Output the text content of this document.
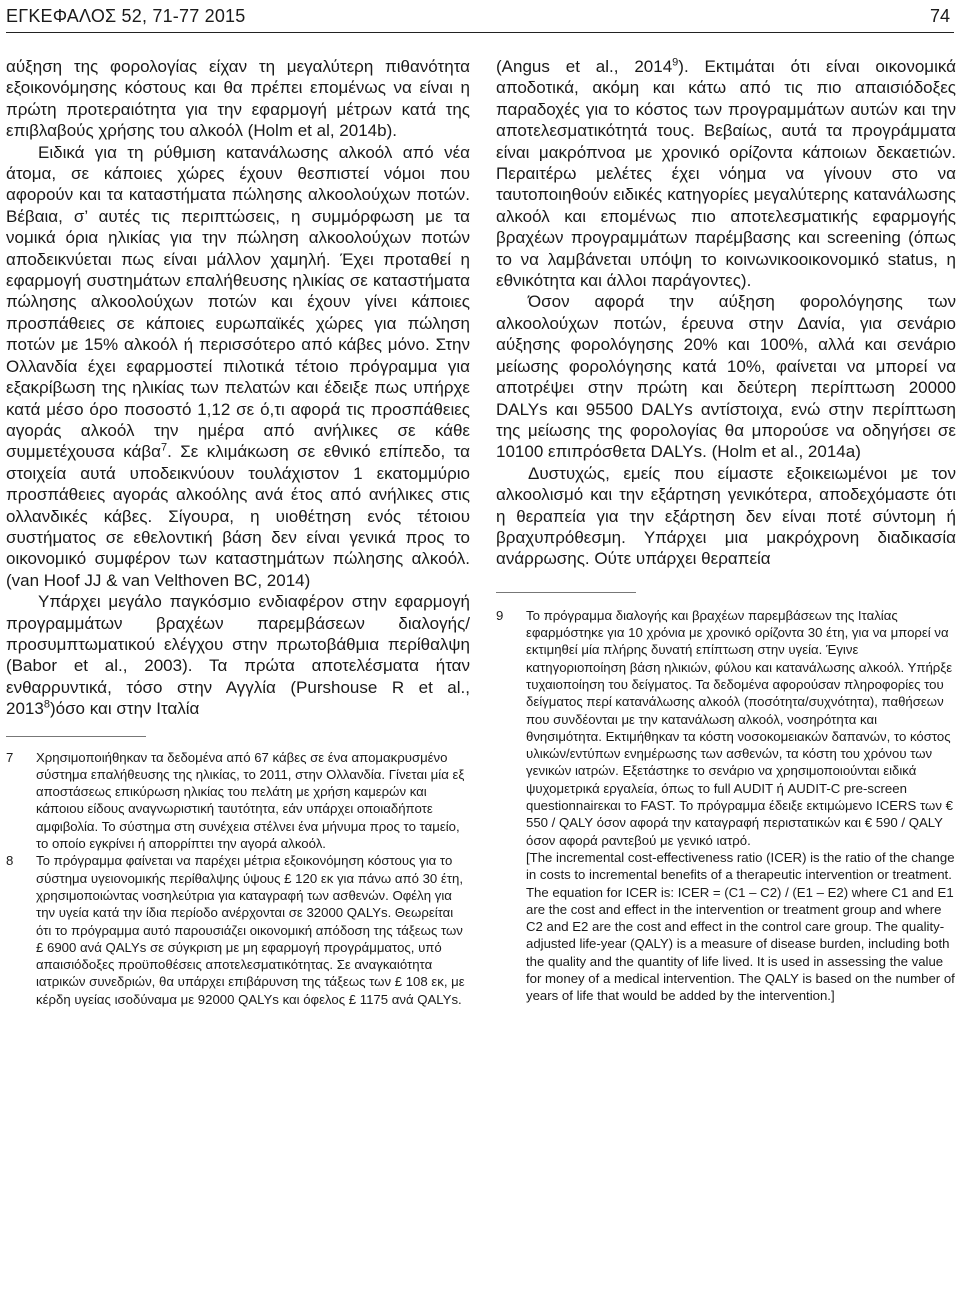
ΕΓΚΕΦΑΛΟΣ 52, 71-77 2015	74

αύξηση της φορολογίας είχαν τη μεγαλύτερη πιθανότητα εξοικονόμησης κόστους και θα πρέπει επομένως να είναι η πρώτη προτεραιότητα για την εφαρμογή μέτρων κατά της επιβλαβούς χρήσης του αλκοόλ (Holm et al, 2014b).

Ειδικά για τη ρύθμιση κατανάλωσης αλκοόλ από νέα άτομα, σε κάποιες χώρες έχουν θεσπιστεί νόμοι που αφορούν και τα καταστήματα πώλησης αλκοολούχων ποτών. Βέβαια, σ’ αυτές τις περιπτώσεις, η συμμόρφωση με τα νομικά όρια ηλικίας για την πώληση αλκοολούχων ποτών αποδεικνύεται πως είναι μάλλον χαμηλή. Έχει προταθεί η εφαρμογή συστημάτων επαλήθευσης ηλικίας σε καταστήματα πώλησης αλκοολούχων ποτών και έχουν γίνει κάποιες προσπάθειες σε κάποιες ευρωπαϊκές χώρες για πώληση ποτών με 15% αλκοόλ ή περισσότερο από κάβες μόνο. Στην Ολλανδία έχει εφαρμοστεί πιλοτικά τέτοιο πρόγραμμα για εξακρίβωση της ηλικίας των πελατών και έδειξε πως υπήρχε κατά μέσο όρο ποσοστό 1,12 σε ό,τι αφορά τις προσπάθειες αγοράς αλκοόλ την ημέρα από ανήλικες σε κάθε συμμετέχουσα κάβα$^7$. Σε κλιμάκωση σε εθνικό επίπεδο, τα στοιχεία αυτά υποδεικνύουν τουλάχιστον 1 εκατομμύριο προσπάθειες αγοράς αλκοόλης ανά έτος από ανήλικες στις ολλανδικές κάβες. Σίγουρα, η υιοθέτηση ενός τέτοιου συστήματος σε εθελοντική βάση δεν είναι γενικά προς το οικονομικό συμφέρον των καταστημάτων πώλησης αλκοόλ. (van Hoof JJ & van Velthoven BC, 2014)

Υπάρχει μεγάλο παγκόσμιο ενδιαφέρον στην εφαρμογή προγραμμάτων βραχέων παρεμβάσεων διαλογής/προσυμπτωματικού ελέγχου στην πρωτοβάθμια περίθαλψη (Babor et al., 2003). Τα πρώτα αποτελέσματα ήταν ενθαρρυντικά, τόσο στην Αγγλία (Purshouse R et al., 2013$^8$)όσο και στην Ιταλία

7 Χρησιμοποιήθηκαν τα δεδομένα από 67 κάβες σε ένα απομακρυσμένο σύστημα επαλήθευσης της ηλικίας, το 2011, στην Ολλανδία. Γίνεται μία εξ αποστάσεως επικύρωση ηλικίας του πελάτη με χρήση καμερών και κάποιου είδους αναγνωριστική ταυτότητα, εάν υπάρχει οποιαδήποτε αμφιβολία. Το σύστημα στη συνέχεια στέλνει ένα μήνυμα προς το ταμείο, το οποίο εγκρίνει ή απορρίπτει την αγορά αλκοόλ.

8 Το πρόγραμμα φαίνεται να παρέχει μέτρια εξοικονόμηση κόστους για το σύστημα υγειονομικής περίθαλψης ύψους £ 120 εκ για πάνω από 30 έτη, χρησιμοποιώντας νοσηλεύτρια για καταγραφή των ασθενών. Οφέλη για την υγεία κατά την ίδια περίοδο ανέρχονται σε 32000 QALYs. Θεωρείται ότι το πρόγραμμα αυτό παρουσιάζει οικονομική απόδοση της τάξεως των £ 6900 ανά QALYs σε σύγκριση με μη εφαρμογή προγράμματος, υπό απαισιόδοξες προϋποθέσεις αποτελεσματικότητας. Σε αναγκαιότητα ιατρικών συνεδριών, θα υπάρχει επιβάρυνση της τάξεως των £ 108 εκ, με κέρδη υγείας ισοδύναμα με 92000 QALYs και όφελος £ 1175 ανά QALYs.

(Angus et al., 2014$^9$). Εκτιμάται ότι είναι οικονομικά αποδοτικά, ακόμη και κάτω από τις πιο απαισιόδοξες παραδοχές για το κόστος των προγραμμάτων αυτών και την αποτελεσματικότητά τους. Βεβαίως, αυτά τα προγράμματα είναι μακρόπνοα με χρονικό ορίζοντα κάποιων δεκαετιών. Περαιτέρω μελέτες έχει νόημα να γίνουν στο να ταυτοποιηθούν ειδικές κατηγορίες μεγαλύτερης κατανάλωσης αλκοόλ και επομένως πιο αποτελεσματικής εφαρμογής βραχέων προγραμμάτων παρέμβασης και screening (όπως το να λαμβάνεται υπόψη το κοινωνικοοικονομικό status, η εθνικότητα και άλλοι παράγοντες).

Όσον αφορά την αύξηση φορολόγησης των αλκοολούχων ποτών, έρευνα στην Δανία, για σενάριο αύξησης φορολόγησης 20% και 100%, αλλά και σενάριο μείωσης φορολόγησης κατά 10%, φαίνεται να μπορεί να αποτρέψει στην πρώτη και δεύτερη περίπτωση 20000 DALYs και 95500 DALYs αντίστοιχα, ενώ στην περίπτωση της μείωσης της φορολογίας θα μπορούσε να οδηγήσει σε 10100 επιπρόσθετα DALYs. (Holm et al., 2014a)

Δυστυχώς, εμείς που είμαστε εξοικειωμένοι με τον αλκοολισμό και την εξάρτηση γενικότερα, αποδεχόμαστε ότι η θεραπεία για την εξάρτηση δεν είναι ποτέ σύντομη ή βραχυπρόθεσμη. Υπάρχει μια μακρόχρονη διαδικασία ανάρρωσης. Ούτε υπάρχει θεραπεία

9 Το πρόγραμμα διαλογής και βραχέων παρεμβάσεων της Ιταλίας εφαρμόστηκε για 10 χρόνια με χρονικό ορίζοντα 30 έτη, για να μπορεί να εκτιμηθεί μία πλήρης δυνατή επίπτωση στην υγεία. Έγινε κατηγοριοποίηση βάση ηλικιών, φύλου και κατανάλωσης αλκοόλ. Υπήρξε τυχαιοποίηση του δείγματος. Τα δεδομένα αφορούσαν πληροφορίες του δείγματος περί κατανάλωσης αλκοόλ (ποσότητα/συχνότητα), παθήσεων που συνδέονται με την κατανάλωση αλκοόλ, νοσηρότητα και θνησιμότητα. Εκτιμήθηκαν τα κόστη νοσοκομειακών δαπανών, το κόστος υλικών/εντύπων ενημέρωσης των ασθενών, τα κόστη του χρόνου των γενικών ιατρών. Εξετάστηκε το σενάριο να χρησιμοποιούνται ειδικά ψυχομετρικά εργαλεία, όπως το full AUDIT ή AUDIT-C pre-screen questionnairεκαι το FAST. Το πρόγραμμα έδειξε εκτιμώμενο ICERS των € 550 / QALY όσον αφορά την καταγραφή περιστατικών και € 590 / QALY όσον αφορά ραντεβού με γενικό ιατρό.

[The incremental cost-effectiveness ratio (ICER) is the ratio of the change in costs to incremental benefits of a therapeutic intervention or treatment. The equation for ICER is: ICER = (C1 – C2) / (E1 – E2) where C1 and E1 are the cost and effect in the intervention or treatment group and where C2 and E2 are the cost and effect in the control care group. The quality-adjusted life-year (QALY) is a measure of disease burden, including both the quality and the quantity of life lived. It is used in assessing the value for money of a medical intervention. The QALY is based on the number of years of life that would be added by the intervention.]
